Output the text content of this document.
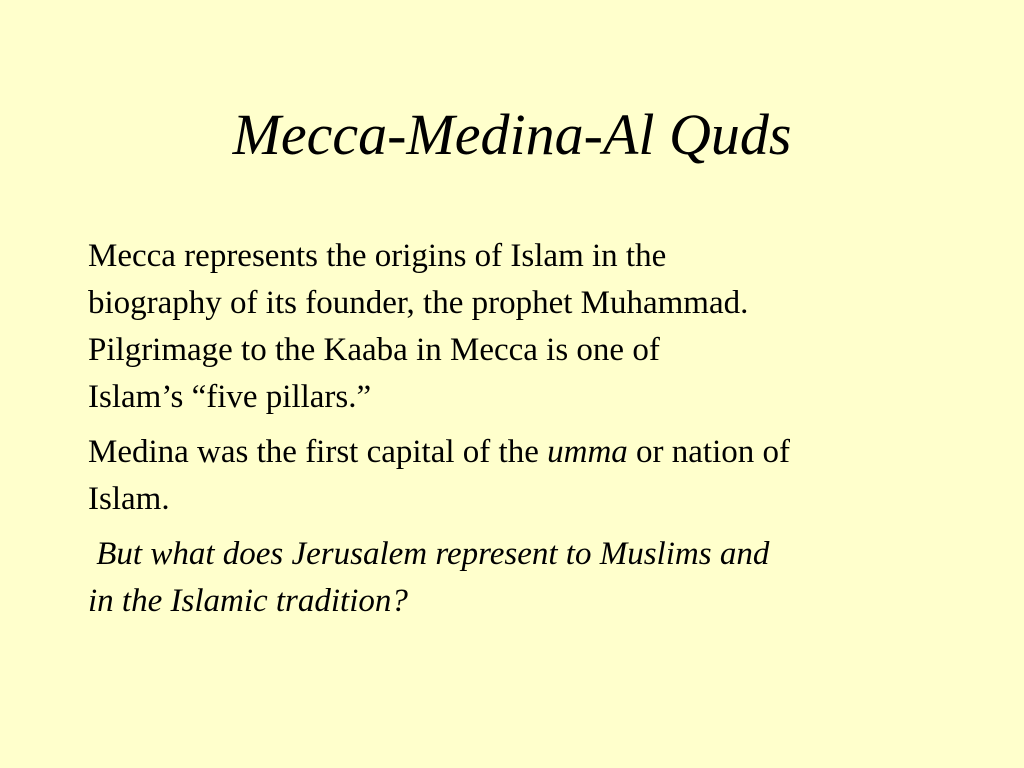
Mecca-Medina-Al Quds

Mecca represents the origins of Islam in the
biography of its founder, the prophet Muhammad.
Pilgrimage to the Kaaba in Mecca is one of
Islam’s “five pillars.”

Medina was the first capital of the umma or nation of
Islam.

But what does Jerusalem represent to Muslims and
in the Islamic tradition?
